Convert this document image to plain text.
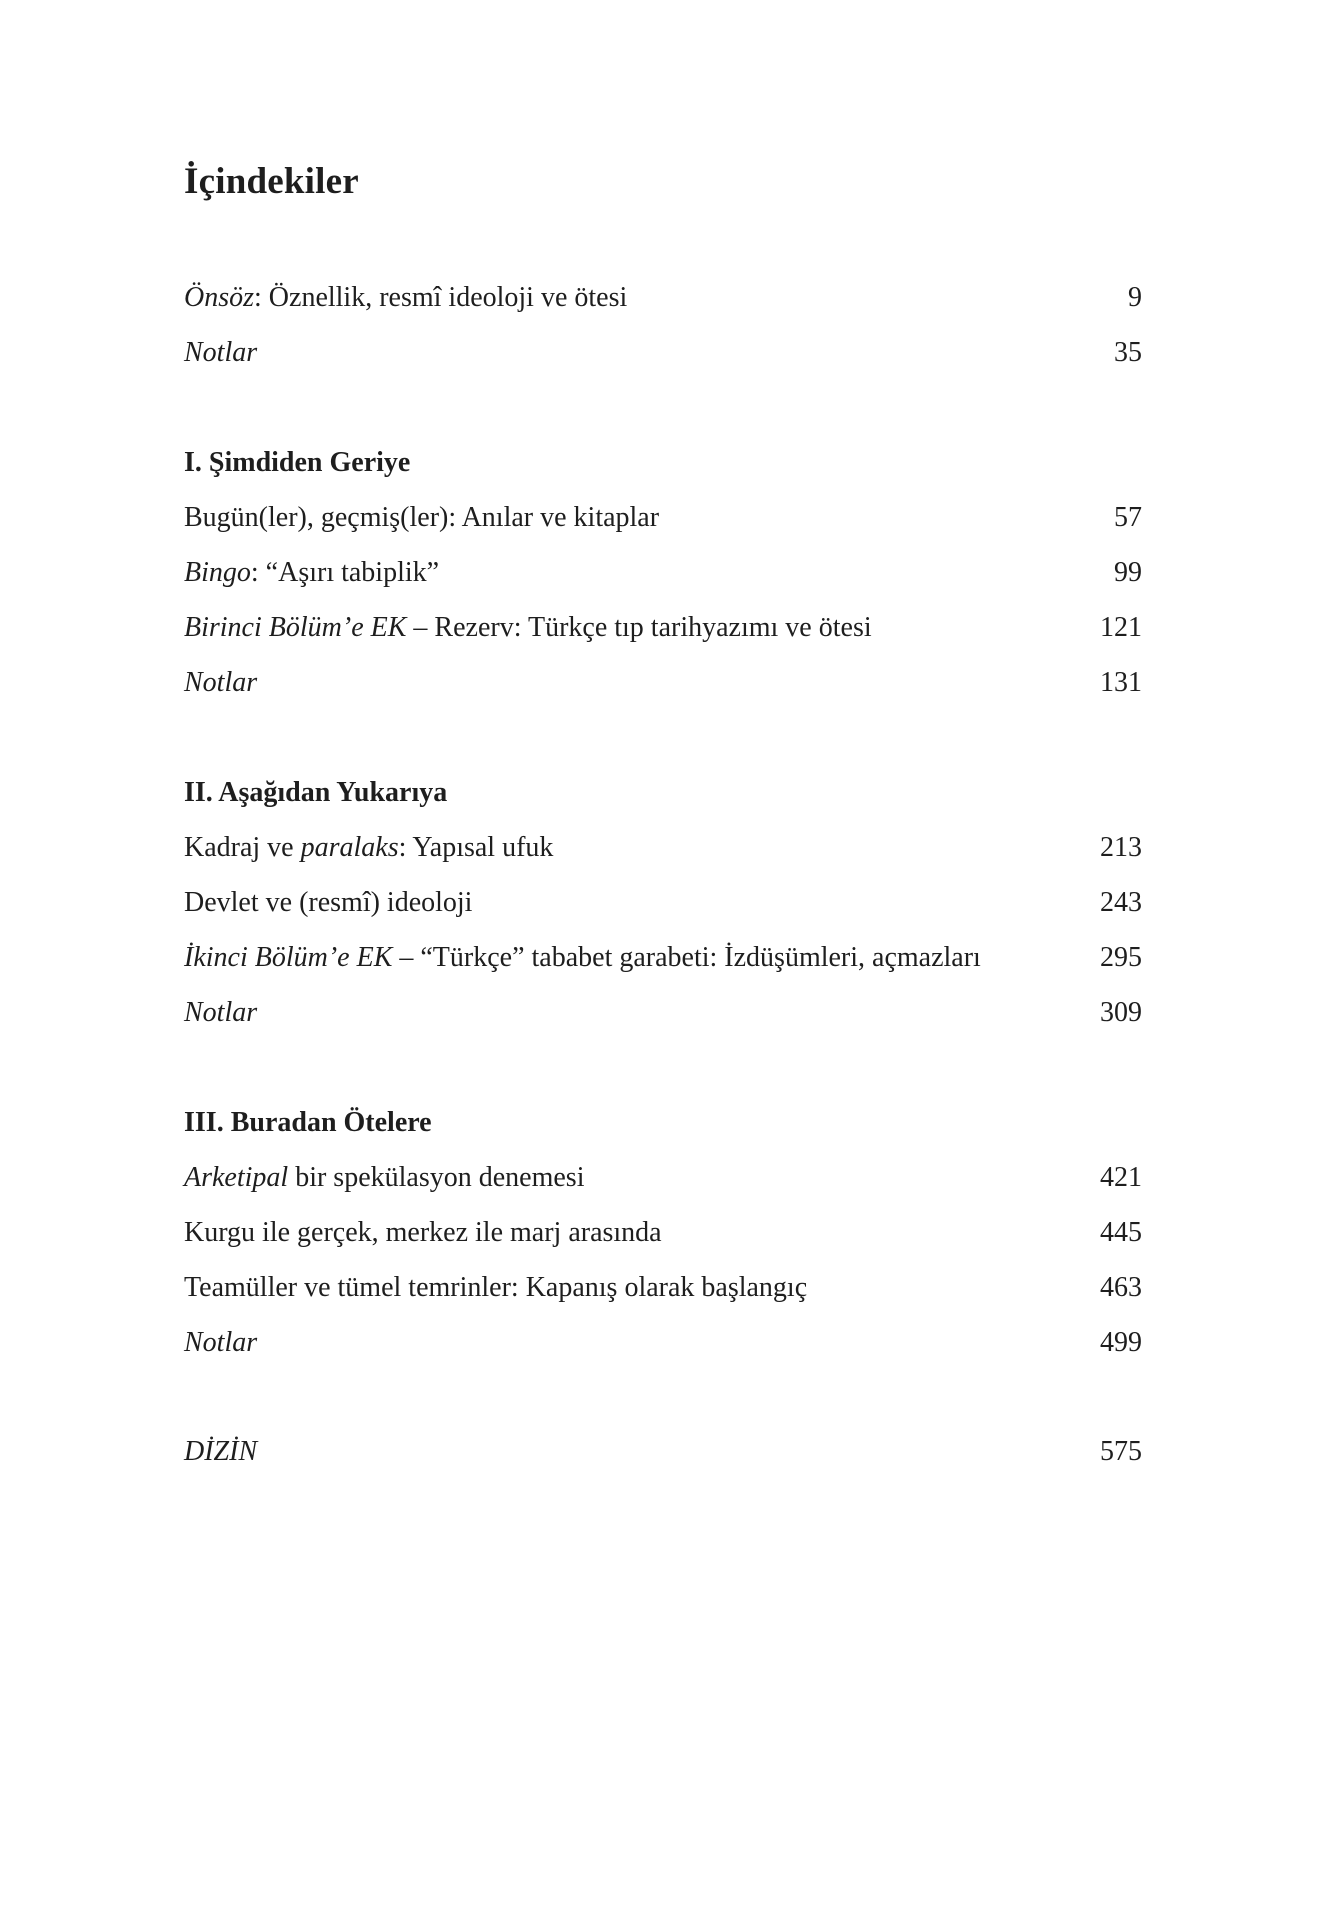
İçindekiler
Önsöz: Öznellik, resmî ideoloji ve ötesi	9
Notlar	35
I. Şimdiden Geriye
Bugün(ler), geçmiş(ler): Anılar ve kitaplar	57
Bingo: “Aşırı tabiplik”	99
Birinci Bölüm’e EK – Rezerv: Türkçe tıp tarihyazımı ve ötesi	121
Notlar	131
II. Aşağıdan Yukarıya
Kadraj ve paralaks: Yapısal ufuk	213
Devlet ve (resmî) ideoloji	243
İkinci Bölüm’e EK – “Türkçe” tababet garabeti: İzdüşümleri, açmazları	295
Notlar	309
III. Buradan Ötelere
Arketipal bir spekülasyon denemesi	421
Kurgu ile gerçek, merkez ile marj arasında	445
Teamüller ve tümel temrinler: Kapanış olarak başlangıç	463
Notlar	499
DİZİN	575
